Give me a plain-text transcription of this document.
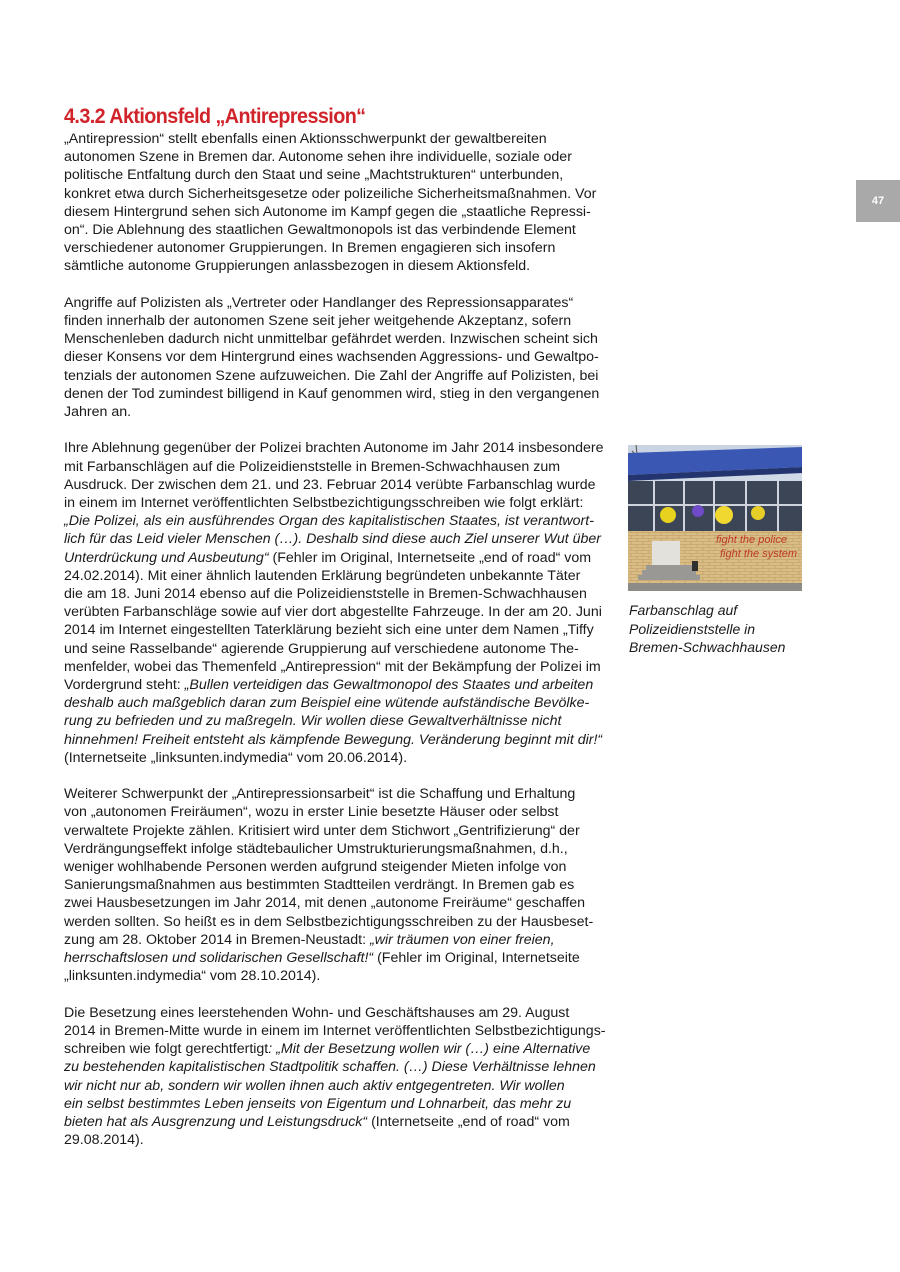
4.3.2 Aktionsfeld „Antirepression“
47
„Antirepression“ stellt ebenfalls einen Aktionsschwerpunkt der gewaltbereiten
autonomen Szene in Bremen dar. Autonome sehen ihre individuelle, soziale oder
politische Entfaltung durch den Staat und seine „Machtstrukturen“ unterbunden,
konkret etwa durch Sicherheitsgesetze oder polizeiliche Sicherheitsmaßnahmen. Vor
diesem Hintergrund sehen sich Autonome im Kampf gegen die „staatliche Repressi-
on“. Die Ablehnung des staatlichen Gewaltmonopols ist das verbindende Element
verschiedener autonomer Gruppierungen. In Bremen engagieren sich insofern
sämtliche autonome Gruppierungen anlassbezogen in diesem Aktionsfeld.
Angriffe auf Polizisten als „Vertreter oder Handlanger des Repressionsapparates“
finden innerhalb der autonomen Szene seit jeher weitgehende Akzeptanz, sofern
Menschenleben dadurch nicht unmittelbar gefährdet werden. Inzwischen scheint sich
dieser Konsens vor dem Hintergrund eines wachsenden Aggressions- und Gewaltpo-
tenzials der autonomen Szene aufzuweichen. Die Zahl der Angriffe auf Polizisten, bei
denen der Tod zumindest billigend in Kauf genommen wird, stieg in den vergangenen
Jahren an.
Ihre Ablehnung gegenüber der Polizei brachten Autonome im Jahr 2014 insbesondere
mit Farbanschlägen auf die Polizeidienststelle in Bremen-Schwachhausen zum
Ausdruck. Der zwischen dem 21. und 23. Februar 2014 verübte Farbanschlag wurde
in einem im Internet veröffentlichten Selbstbezichtigungsschreiben wie folgt erklärt:
„Die Polizei, als ein ausführendes Organ des kapitalistischen Staates, ist verantwort-
lich für das Leid vieler Menschen (…). Deshalb sind diese auch Ziel unserer Wut über
Unterdrückung und Ausbeutung“ (Fehler im Original, Internetseite „end of road“ vom
24.02.2014). Mit einer ähnlich lautenden Erklärung begründeten unbekannte Täter
die am 18. Juni 2014 ebenso auf die Polizeidienststelle in Bremen-Schwachhausen
verübten Farbanschläge sowie auf vier dort abgestellte Fahrzeuge. In der am 20. Juni
2014 im Internet eingestellten Taterklärung bezieht sich eine unter dem Namen „Tiffy
und seine Rasselbande“ agierende Gruppierung auf verschiedene autonome The-
menfelder, wobei das Themenfeld „Antirepression“ mit der Bekämpfung der Polizei im
Vordergrund steht: „Bullen verteidigen das Gewaltmonopol des Staates und arbeiten
deshalb auch maßgeblich daran zum Beispiel eine wütende aufständische Bevölke-
rung zu befrieden und zu maßregeln. Wir wollen diese Gewaltverhältnisse nicht
hinnehmen! Freiheit entsteht als kämpfende Bewegung. Veränderung beginnt mit dir!“
(Internetseite „linksunten.indymedia“ vom 20.06.2014).
Weiterer Schwerpunkt der „Antirepressionsarbeit“ ist die Schaffung und Erhaltung
von „autonomen Freiräumen“, wozu in erster Linie besetzte Häuser oder selbst
verwaltete Projekte zählen. Kritisiert wird unter dem Stichwort „Gentrifizierung“ der
Verdrängungseffekt infolge städtebaulicher Umstrukturierungsmaßnahmen, d.h.,
weniger wohlhabende Personen werden aufgrund steigender Mieten infolge von
Sanierungsmaßnahmen aus bestimmten Stadtteilen verdrängt. In Bremen gab es
zwei Hausbesetzungen im Jahr 2014, mit denen „autonome Freiräume“ geschaffen
werden sollten. So heißt es in dem Selbstbezichtigungsschreiben zu der Hausbeset-
zung am 28. Oktober 2014 in Bremen-Neustadt: „wir träumen von einer freien,
herrschaftslosen und solidarischen Gesellschaft!“ (Fehler im Original, Internetseite
„linksunten.indymedia“ vom 28.10.2014).
Die Besetzung eines leerstehenden Wohn- und Geschäftshauses am 29. August
2014 in Bremen-Mitte wurde in einem im Internet veröffentlichten Selbstbezichtigungs-
schreiben wie folgt gerechtfertigt: „Mit der Besetzung wollen wir (…) eine Alternative
zu bestehenden kapitalistischen Stadtpolitik schaffen. (…) Diese Verhältnisse lehnen
wir nicht nur ab, sondern wir wollen ihnen auch aktiv entgegentreten. Wir wollen
ein selbst bestimmtes Leben jenseits von Eigentum und Lohnarbeit, das mehr zu
bieten hat als Ausgrenzung und Leistungsdruck“ (Internetseite „end of road“ vom
29.08.2014).
fight the police
fight the system
Farbanschlag auf
Polizeidienststelle in
Bremen-Schwachhausen
